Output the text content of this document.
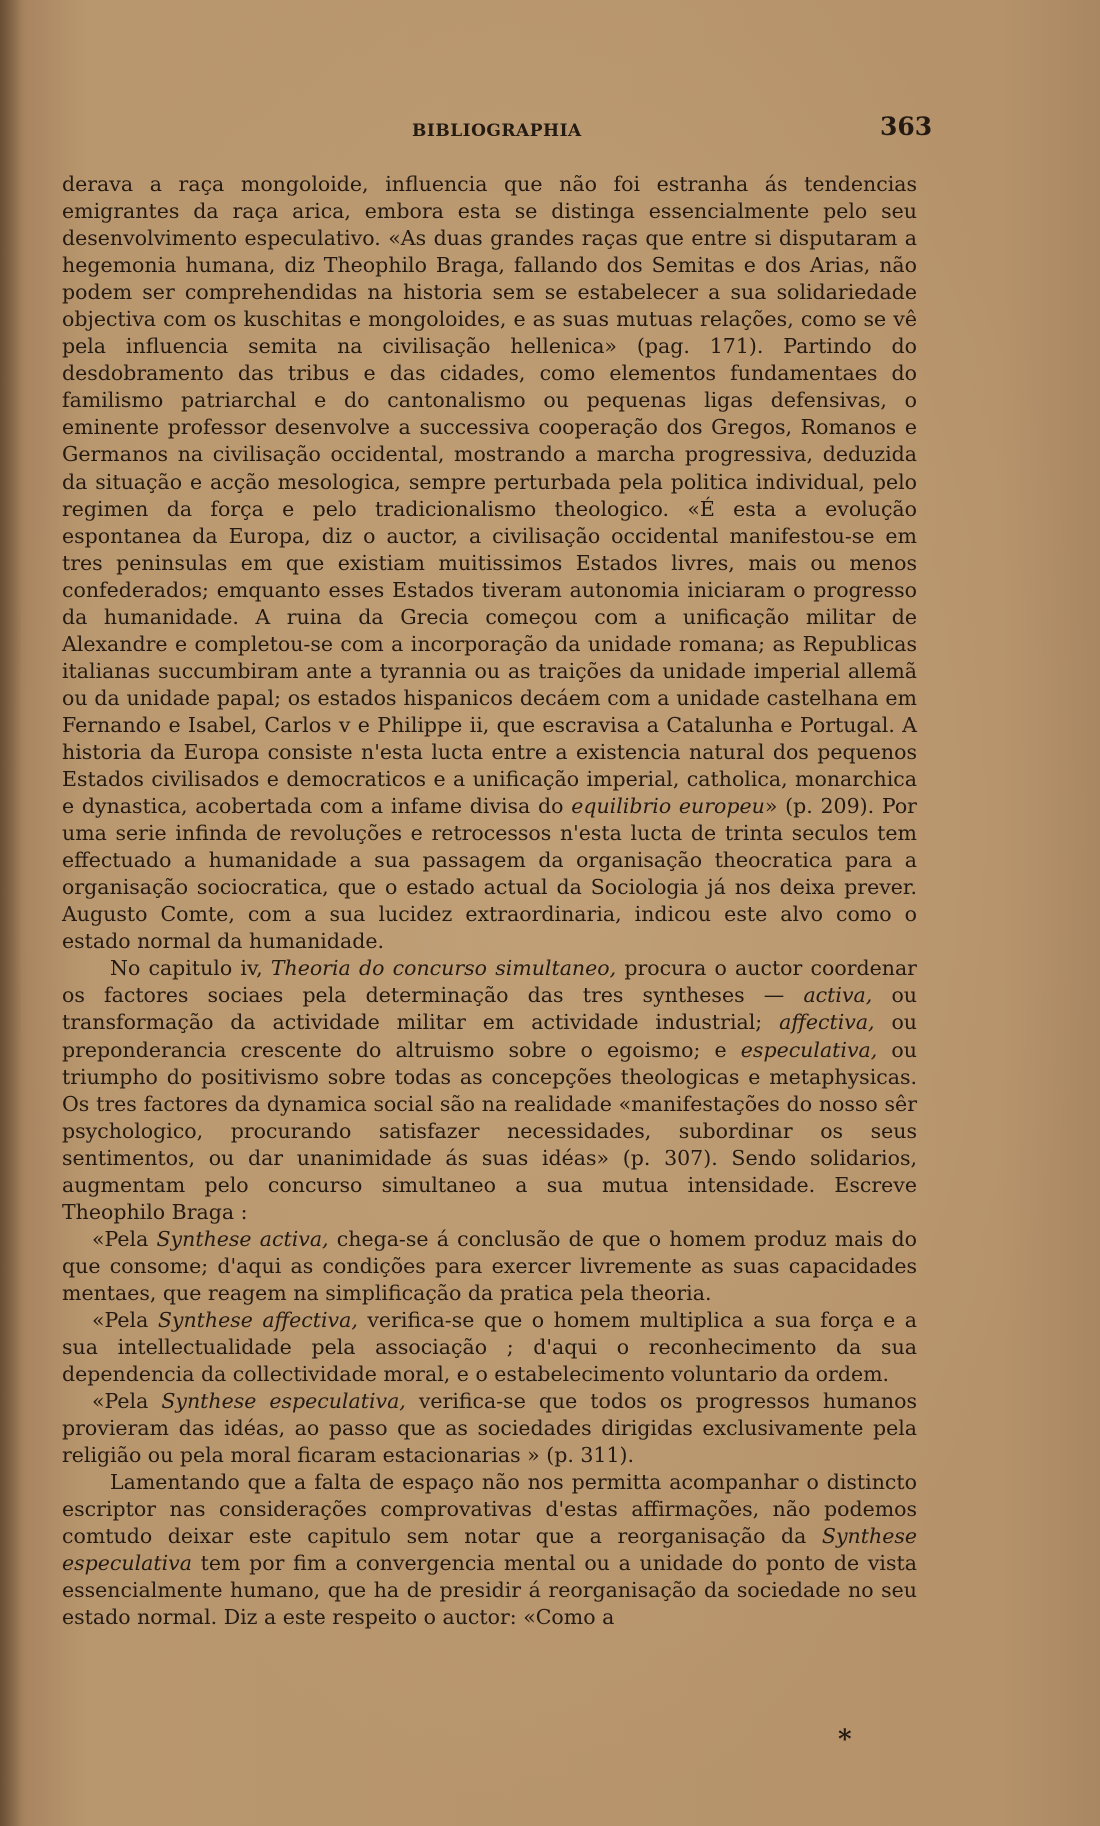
BIBLIOGRAPHIA	363

derava a raça mongoloide, influencia que não foi estranha ás tendencias emigrantes da raça arica, embora esta se distinga essencialmente pelo seu desenvolvimento especulativo. «As duas grandes raças que entre si disputaram a hegemonia humana, diz Theophilo Braga, fallando dos Semitas e dos Arias, não podem ser comprehendidas na historia sem se estabelecer a sua solidariedade objectiva com os kuschitas e mongoloides, e as suas mutuas relações, como se vê pela influencia semita na civilisação hellenica» (pag. 171). Partindo do desdobramento das tribus e das cidades, como elementos fundamentaes do familismo patriarchal e do cantonalismo ou pequenas ligas defensivas, o eminente professor desenvolve a successiva cooperação dos Gregos, Romanos e Germanos na civilisação occidental, mostrando a marcha progressiva, deduzida da situação e acção mesologica, sempre perturbada pela politica individual, pelo regimen da força e pelo tradicionalismo theologico. «É esta a evolução espontanea da Europa, diz o auctor, a civilisação occidental manifestou-se em tres peninsulas em que existiam muitissimos Estados livres, mais ou menos confederados; emquanto esses Estados tiveram autonomia iniciaram o progresso da humanidade. A ruina da Grecia começou com a unificação militar de Alexandre e completou-se com a incorporação da unidade romana; as Republicas italianas succumbiram ante a tyrannia ou as traições da unidade imperial allemã ou da unidade papal; os estados hispanicos decáem com a unidade castelhana em Fernando e Isabel, Carlos v e Philippe ii, que escravisa a Catalunha e Portugal. A historia da Europa consiste n'esta lucta entre a existencia natural dos pequenos Estados civilisados e democraticos e a unificação imperial, catholica, monarchica e dynastica, acobertada com a infame divisa do equilibrio europeu» (p. 209). Por uma serie infinda de revoluções e retrocessos n'esta lucta de trinta seculos tem effectuado a humanidade a sua passagem da organisação theocratica para a organisação sociocratica, que o estado actual da Sociologia já nos deixa prever. Augusto Comte, com a sua lucidez extraordinaria, indicou este alvo como o estado normal da humanidade.

No capitulo iv, Theoria do concurso simultaneo, procura o auctor coordenar os factores sociaes pela determinação das tres syntheses — activa, ou transformação da actividade militar em actividade industrial; affectiva, ou preponderancia crescente do altruismo sobre o egoismo; e especulativa, ou triumpho do positivismo sobre todas as concepções theologicas e metaphysicas. Os tres factores da dynamica social são na realidade «manifestações do nosso sêr psychologico, procurando satisfazer necessidades, subordinar os seus sentimentos, ou dar unanimidade ás suas idéas» (p. 307). Sendo solidarios, augmentam pelo concurso simultaneo a sua mutua intensidade. Escreve Theophilo Braga :

«Pela Synthese activa, chega-se á conclusão de que o homem produz mais do que consome; d'aqui as condições para exercer livremente as suas capacidades mentaes, que reagem na simplificação da pratica pela theoria.

«Pela Synthese affectiva, verifica-se que o homem multiplica a sua força e a sua intellectualidade pela associação ; d'aqui o reconhecimento da sua dependencia da collectividade moral, e o estabelecimento voluntario da ordem.

«Pela Synthese especulativa, verifica-se que todos os progressos humanos provieram das idéas, ao passo que as sociedades dirigidas exclusivamente pela religião ou pela moral ficaram estacionarias » (p. 311).

Lamentando que a falta de espaço não nos permitta acompanhar o distincto escriptor nas considerações comprovativas d'estas affirmações, não podemos comtudo deixar este capitulo sem notar que a reorganisação da Synthese especulativa tem por fim a convergencia mental ou a unidade do ponto de vista essencialmente humano, que ha de presidir á reorganisação da sociedade no seu estado normal. Diz a este respeito o auctor: «Como a

*
